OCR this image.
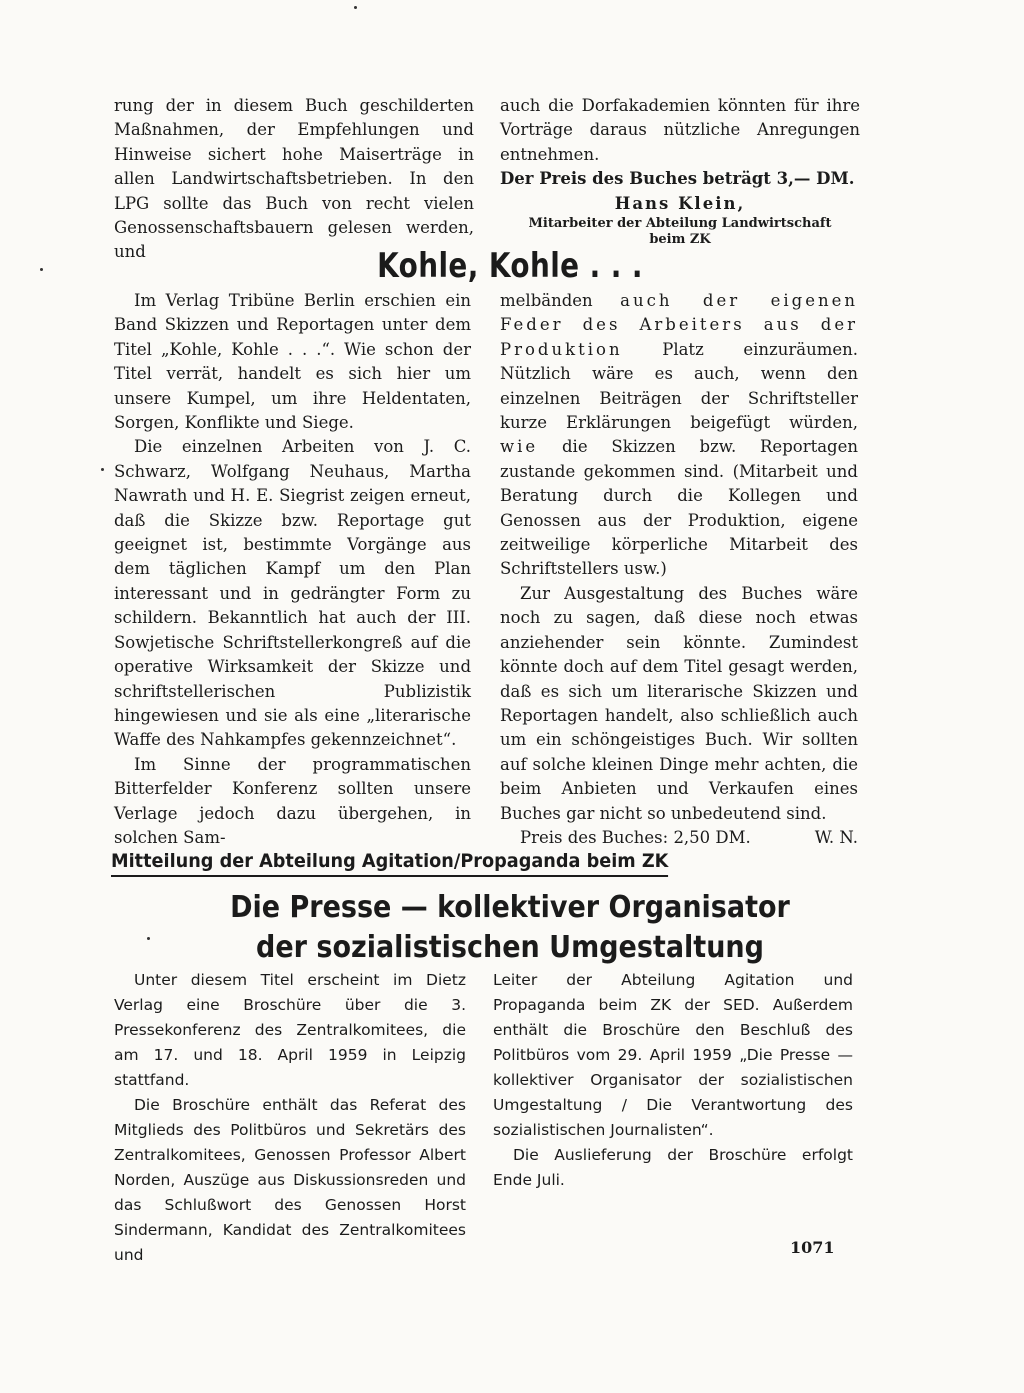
rung der in diesem Buch geschilderten Maßnahmen, der Empfehlungen und Hinweise sichert hohe Maiserträge in allen Landwirtschaftsbetrieben. In den LPG sollte das Buch von recht vielen Genossenschaftsbauern gelesen werden, und

auch die Dorfakademien könnten für ihre Vorträge daraus nützliche Anregungen entnehmen.

Der Preis des Buches beträgt 3,— DM.

Hans Klein,

Mitarbeiter der Abteilung Landwirtschaft

beim ZK

Kohle, Kohle . . .

Im Verlag Tribüne Berlin erschien ein Band Skizzen und Reportagen unter dem Titel „Kohle, Kohle . . .“. Wie schon der Titel verrät, handelt es sich hier um unsere Kumpel, um ihre Heldentaten, Sorgen, Konflikte und Siege.

Die einzelnen Arbeiten von J. C. Schwarz, Wolfgang Neuhaus, Martha Nawrath und H. E. Siegrist zeigen erneut, daß die Skizze bzw. Reportage gut geeignet ist, bestimmte Vorgänge aus dem täglichen Kampf um den Plan interessant und in gedrängter Form zu schildern. Bekanntlich hat auch der III. Sowjetische Schriftstellerkongreß auf die operative Wirksamkeit der Skizze und schriftstellerischen Publizistik hingewiesen und sie als eine „literarische Waffe des Nahkampfes gekennzeichnet“.

Im Sinne der programmatischen Bitterfelder Konferenz sollten unsere Verlage jedoch dazu übergehen, in solchen Sam-

melbänden auch der eigenen Feder des Arbeiters aus der Produktion Platz einzuräumen. Nützlich wäre es auch, wenn den einzelnen Beiträgen der Schriftsteller kurze Erklärungen beigefügt würden, wie die Skizzen bzw. Reportagen zustande gekommen sind. (Mitarbeit und Beratung durch die Kollegen und Genossen aus der Produktion, eigene zeitweilige körperliche Mitarbeit des Schriftstellers usw.)

Zur Ausgestaltung des Buches wäre noch zu sagen, daß diese noch etwas anziehender sein könnte. Zumindest könnte doch auf dem Titel gesagt werden, daß es sich um literarische Skizzen und Reportagen handelt, also schließlich auch um ein schöngeistiges Buch. Wir sollten auf solche kleinen Dinge mehr achten, die beim Anbieten und Verkaufen eines Buches gar nicht so unbedeutend sind.

Preis des Buches: 2,50 DM.	W. N.

Mitteilung der Abteilung Agitation/Propaganda beim ZK
Die Presse — kollektiver Organisator
der sozialistischen Umgestaltung

Unter diesem Titel erscheint im Dietz Verlag eine Broschüre über die 3. Pressekonferenz des Zentralkomitees, die am 17. und 18. April 1959 in Leipzig stattfand.

Die Broschüre enthält das Referat des Mitglieds des Politbüros und Sekretärs des Zentralkomitees, Genossen Professor Albert Norden, Auszüge aus Diskussionsreden und das Schlußwort des Genossen Horst Sindermann, Kandidat des Zentralkomitees und

Leiter der Abteilung Agitation und Propaganda beim ZK der SED. Außerdem enthält die Broschüre den Beschluß des Politbüros vom 29. April 1959 „Die Presse — kollektiver Organisator der sozialistischen Umgestaltung / Die Verantwortung des sozialistischen Journalisten“.

Die Auslieferung der Broschüre erfolgt Ende Juli.

1071
